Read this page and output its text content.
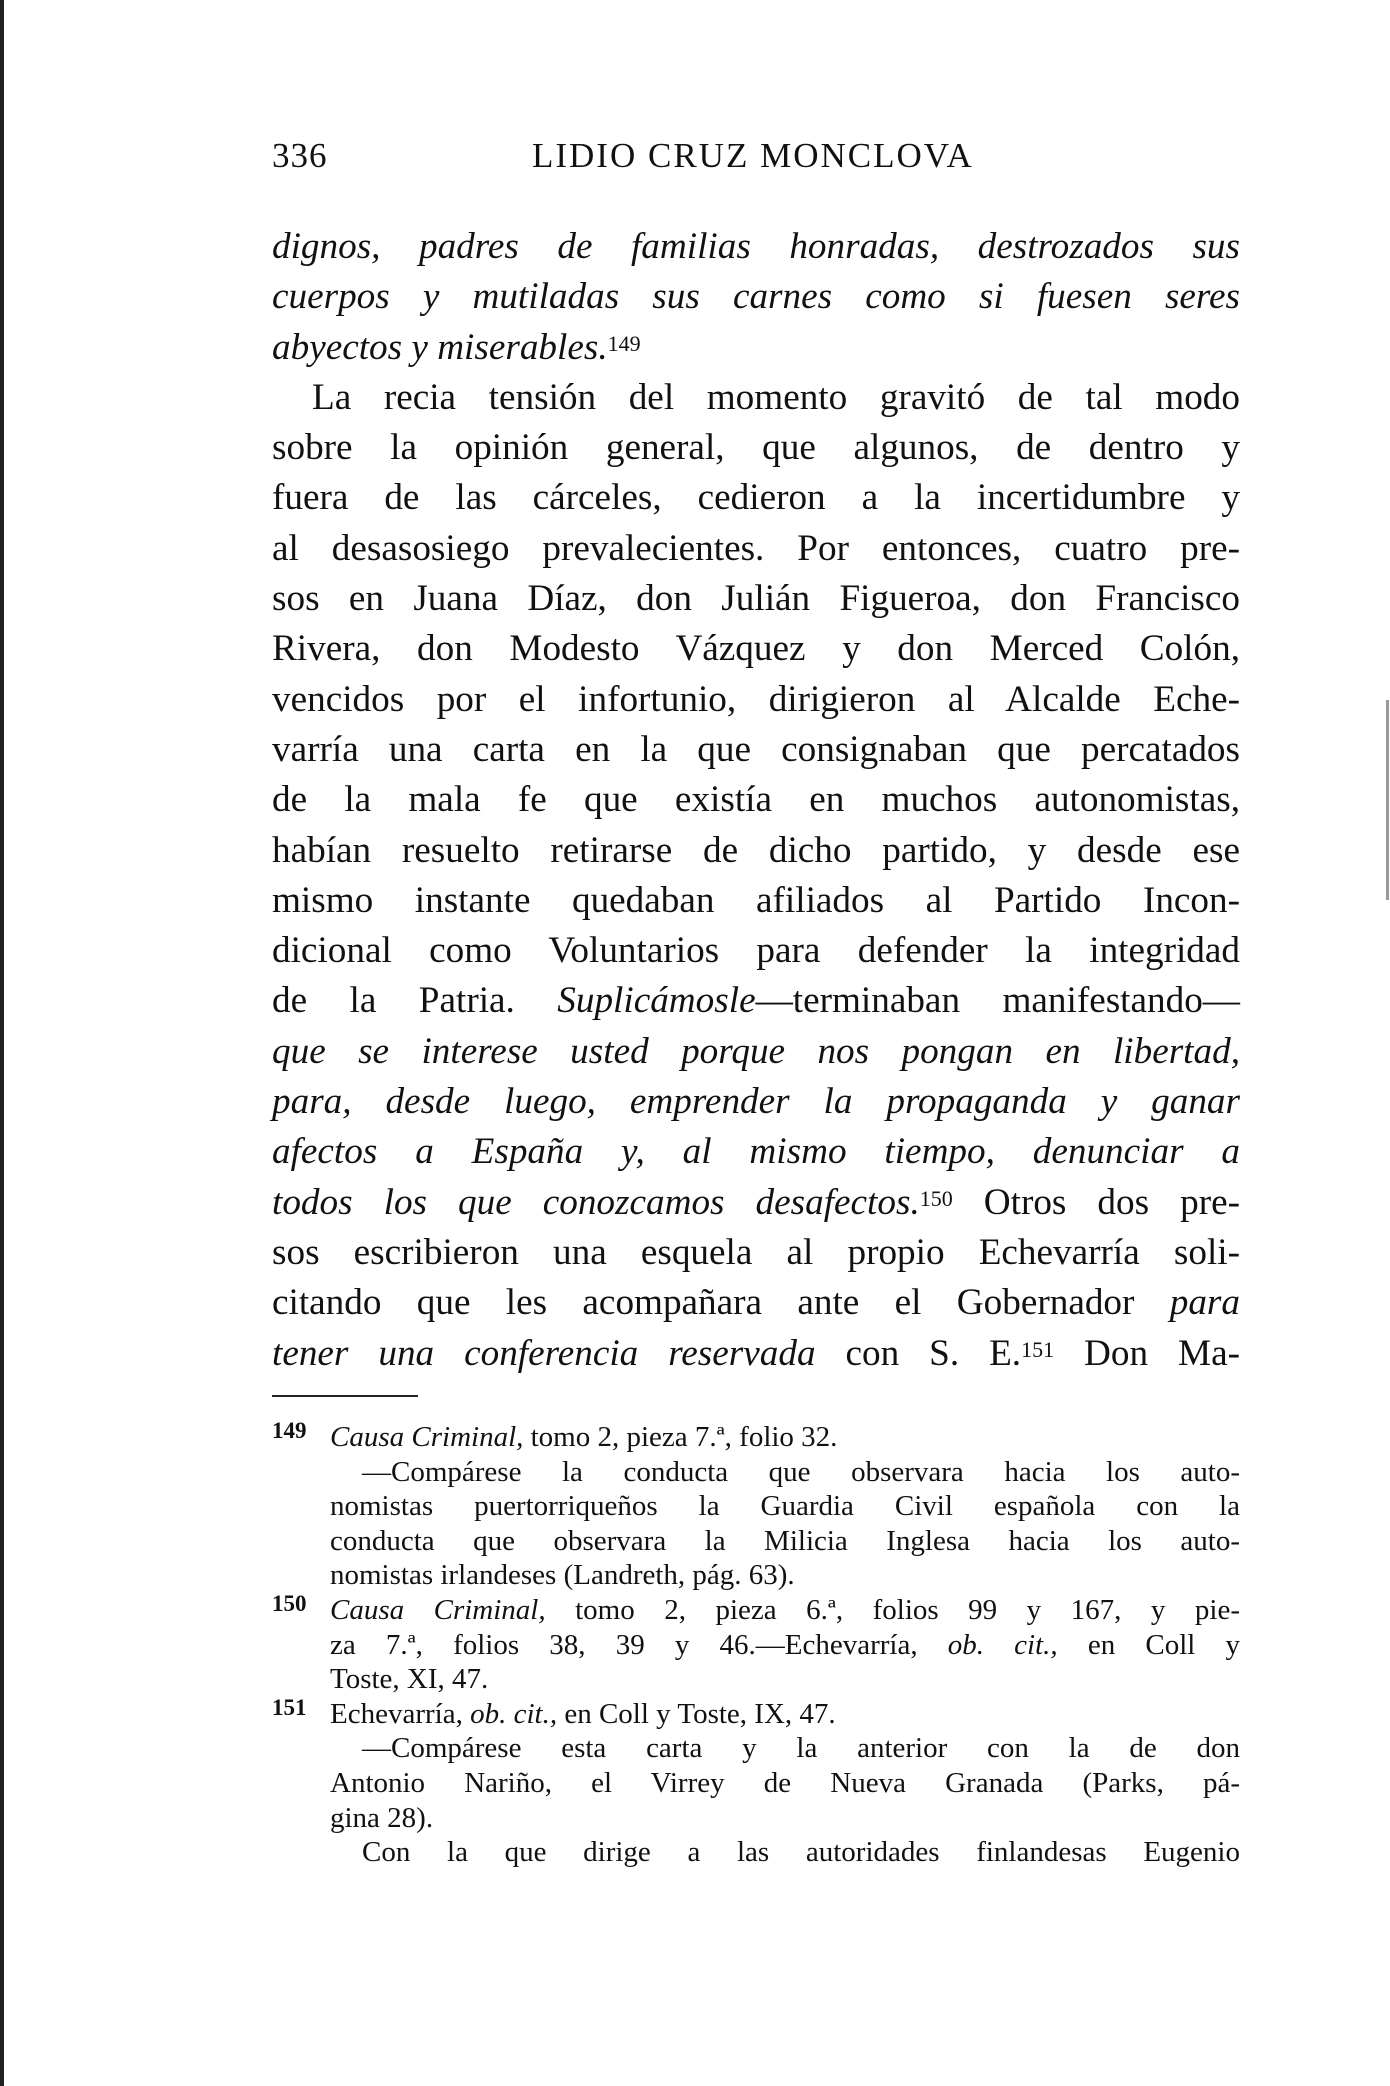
336	LIDIO CRUZ MONCLOVA
dignos, padres de familias honradas, destrozados sus
cuerpos y mutiladas sus carnes como si fuesen seres
abyectos y miserables.$^{149}$
La recia tensión del momento gravitó de tal modo
sobre la opinión general, que algunos, de dentro y
fuera de las cárceles, cedieron a la incertidumbre y
al desasosiego prevalecientes. Por entonces, cuatro pre-
sos en Juana Díaz, don Julián Figueroa, don Francisco
Rivera, don Modesto Vázquez y don Merced Colón,
vencidos por el infortunio, dirigieron al Alcalde Eche-
varría una carta en la que consignaban que percatados
de la mala fe que existía en muchos autonomistas,
habían resuelto retirarse de dicho partido, y desde ese
mismo instante quedaban afiliados al Partido Incon-
dicional como Voluntarios para defender la integridad
de la Patria. Suplicámosle—terminaban manifestando—
que se interese usted porque nos pongan en libertad,
para, desde luego, emprender la propaganda y ganar
afectos a España y, al mismo tiempo, denunciar a
todos los que conozcamos desafectos.$^{150}$ Otros dos pre-
sos escribieron una esquela al propio Echevarría soli-
citando que les acompañara ante el Gobernador para
tener una conferencia reservada con S. E.$^{151}$ Don Ma-
149 Causa Criminal, tomo 2, pieza 7.ª, folio 32.
—Compárese la conducta que observara hacia los auto-
nomistas puertorriqueños la Guardia Civil española con la
conducta que observara la Milicia Inglesa hacia los auto-
nomistas irlandeses (Landreth, pág. 63).
150 Causa Criminal, tomo 2, pieza 6.ª, folios 99 y 167, y pie-
za 7.ª, folios 38, 39 y 46.—Echevarría, ob. cit., en Coll y
Toste, XI, 47.
151 Echevarría, ob. cit., en Coll y Toste, IX, 47.
—Compárese esta carta y la anterior con la de don
Antonio Nariño, el Virrey de Nueva Granada (Parks, pá-
gina 28).
Con la que dirige a las autoridades finlandesas Eugenio
